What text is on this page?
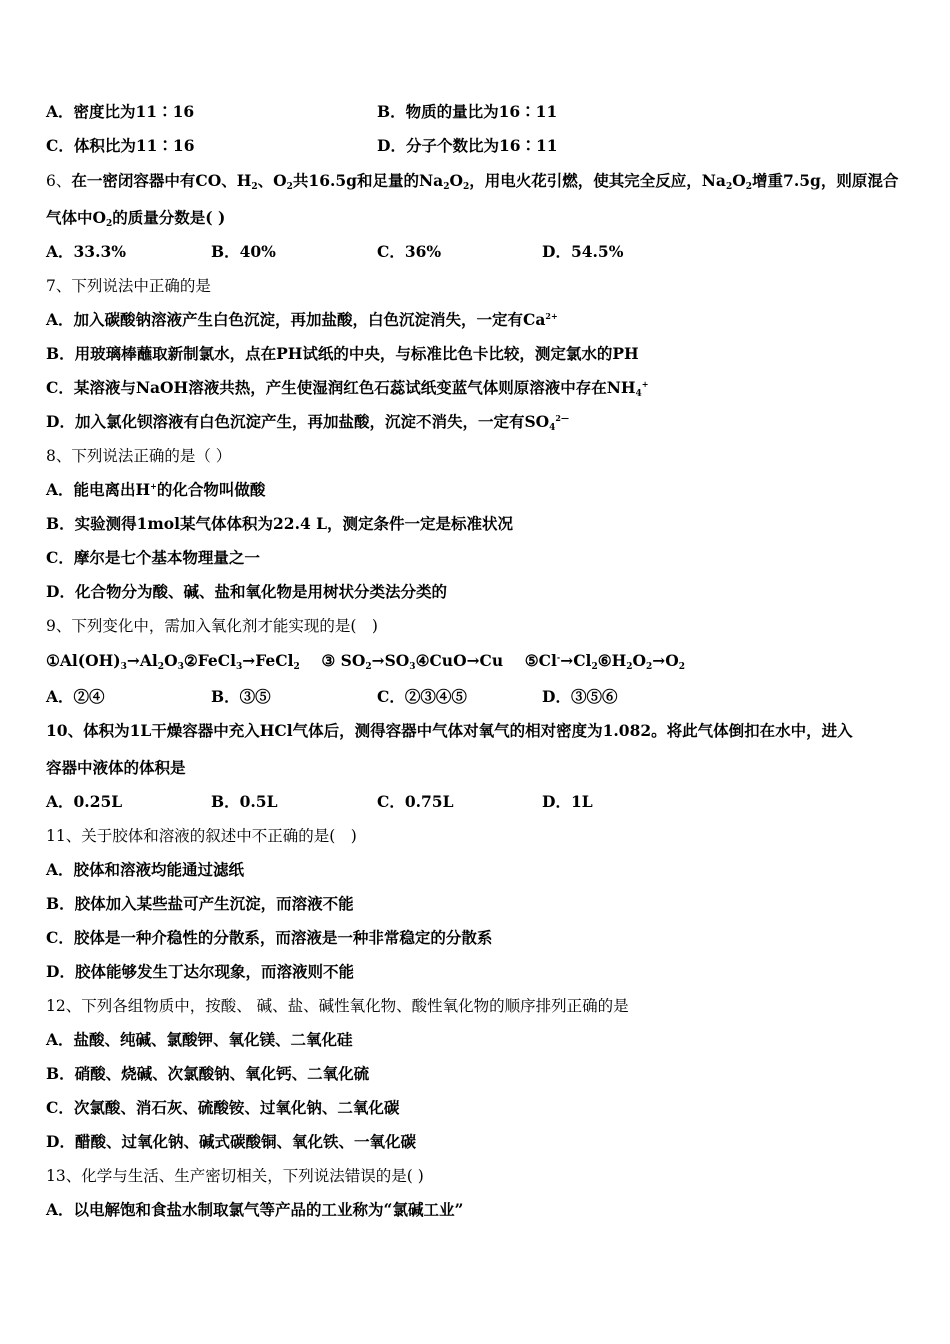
A．密度比为11∶16	B．物质的量比为16∶11
C．体积比为11∶16	D．分子个数比为16∶11
6、在一密闭容器中有CO、$H_2$、$O_2$共16.5g和足量的$Na_2O_2$，用电火花引燃，使其完全反应，$Na_2O_2$增重7.5g，则原混合
气体中$O_2$的质量分数是( )
A．33.3%	B．40%	C．36%	D．54.5%
7、下列说法中正确的是
A．加入碳酸钠溶液产生白色沉淀，再加盐酸，白色沉淀消失，一定有$Ca^{2+}$
B．用玻璃棒蘸取新制氯水，点在PH试纸的中央，与标准比色卡比较，测定氯水的PH
C．某溶液与NaOH溶液共热，产生使湿润红色石蕊试纸变蓝气体则原溶液中存在$NH_4^+$
D．加入氯化钡溶液有白色沉淀产生，再加盐酸，沉淀不消失，一定有$SO_4^{2—}$
8、下列说法正确的是（ ）
A．能电离出H+的化合物叫做酸
B．实验测得1mol某气体体积为22.4 L，测定条件一定是标准状况
C．摩尔是七个基本物理量之一
D．化合物分为酸、碱、盐和氧化物是用树状分类法分类的
9、下列变化中，需加入氧化剂才能实现的是(　)
$①Al(OH)_3\to Al_2O_3②FeCl_3\to FeCl_2$ ③ $SO_2\to SO_3④CuO\to Cu$ $⑤Cl^-\to Cl_2⑥H_2O_2\to O_2$
A．②④	B．③⑤	C．②③④⑤	D．③⑤⑥
10、体积为1L干燥容器中充入HCl气体后，测得容器中气体对氧气的相对密度为1.082。将此气体倒扣在水中，进入
容器中液体的体积是
A．0.25L	B．0.5L	C．0.75L	D．1L
11、关于胶体和溶液的叙述中不正确的是(　)
A．胶体和溶液均能通过滤纸
B．胶体加入某些盐可产生沉淀，而溶液不能
C．胶体是一种介稳性的分散系，而溶液是一种非常稳定的分散系
D．胶体能够发生丁达尔现象，而溶液则不能
12、下列各组物质中，按酸、 碱、盐、碱性氧化物、酸性氧化物的顺序排列正确的是
A．盐酸、纯碱、氯酸钾、氧化镁、二氧化硅
B．硝酸、烧碱、次氯酸钠、氧化钙、二氧化硫
C．次氯酸、消石灰、硫酸铵、过氧化钠、二氧化碳
D．醋酸、过氧化钠、碱式碳酸铜、氧化铁、一氧化碳
13、化学与生活、生产密切相关，下列说法错误的是( )
A．以电解饱和食盐水制取氯气等产品的工业称为“氯碱工业”
